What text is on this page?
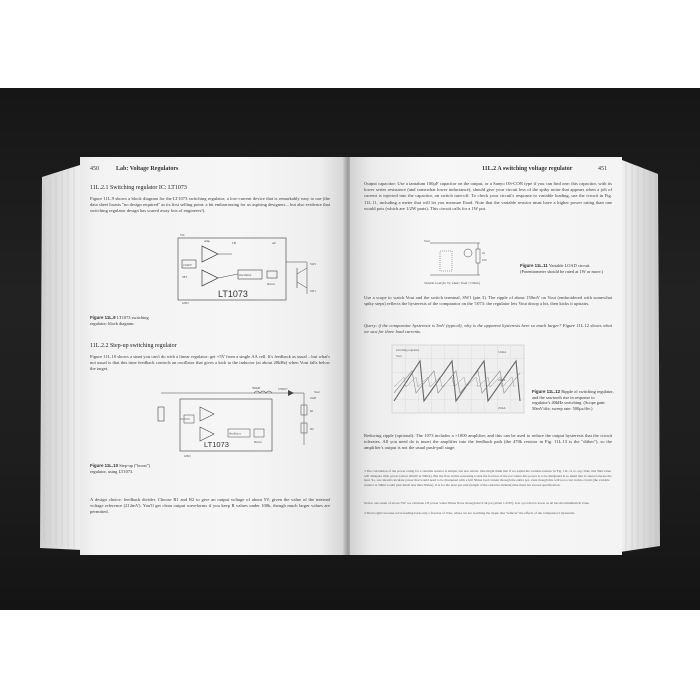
450	Lab: Voltage Regulators
11L.2.1 Switching regulator IC: LT1073
Figure 11L.9 shows a block diagram for the LT1073 switching regulator, a low-current device that is remarkably easy to use (the data sheet boasts "no design required" as its first selling point: a bit embarrassing for us aspiring designers – but also evidence that switching regulator design has scared away lots of engineers!).
LT1073
212mV
Oscillator
Driver
GND
SW2
SW1
Vin
LB
Amp
SET
A0
Figure 11L.9 LT1073 switching regulator: block diagram.
11L.2.2 Step-up switching regulator
Figure 11L.10 shows a stunt you can't do with a linear regulator: get +5V from a single AA cell. It's feedback as usual – but what's not usual is that this time feedback controls an oscillator that gives a kick to the inductor (at about 20kHz) when Vout falls below the target.
LT1073
1N5817
390uH
22uF
R1
R2
Vout
Oscillator
Driver
GND
Figure 11L.10 Step-up ("boost") regulator, using LT1073.
A design choice: feedback divider. Choose R1 and R2 to give an output voltage of about 5V, given the value of the internal voltage reference (212mV). You'll get clean output waveforms if you keep R values under 100k, though much larger values are permitted.
11L.2 A switching voltage regulator	451
Output capacitor: Use a tantalum 100μF capacitor on the output, or a Sanyo OS-CON type if you can find one; this capacitor, with its lower series resistance (and somewhat lower inductance), should give your circuit less of the spiky noise that appears when a jolt of current is injected into the capacitor, on switch turn-off. To check your circuit's response to variable loading, use the circuit in Fig. 11L.11, including a meter that will let you measure Iload. Note that the variable resistor must have a higher power rating than one would pots (which are 1/2W parts). This circuit calls for a 1W pot.
Vout
1k
100
Variable Load (for 5V, when?, Iload <=50mA)
Figure 11L.11 Variable LOAD circuit. (Potentiometer should be rated at 1W or more.)
Use a scope to watch Vout and the switch terminal, SW1 (pin 3). The ripple of about 150mV on Vout (embroidered with somewhat spiky steps) reflects the hysteresis of the comparator on the '1073: the regulator lets Vout droop a bit, then kicks it upstairs.
Query: if the comparator hysteresis is 5mV (typical), why is the apparent hysteresis here so much larger? Figure 11L.12 shows what we saw for three load currents.
switching regulator
Vout
5.0mA
10mA
25mA
Figure 11L.12 Ripple of switching regulator, and the sawtooth rise in response to regulator's 40kHz switching. (Scope gain: 50mV/div, sweep rate: 500μs/div.)
Reducing ripple (optional): The 1073 includes a ×1000 amplifier, and this can be used to reduce the output hysteresis that the circuit tolerates. All you need do is insert the amplifier into the feedback path (the 470k resistor in Fig. 11L.13 is the "dither"), so the amplifier's output is not the usual push-pull stage.
3 The calculation of the power rating for a variable resistor is simple, but also subtle. One might think that if we adjust the variable resistor in Fig. 11L.11 to, say, 50Ω, this 50Ω value will dissipate little power (about 20mW at 50mA). But the flaw in this reasoning is that the fraction of the pot where this power is to be dissipated is so small that it cannot tolerate the heat. So, one should calculate power that would need to be dissipated with a full 50mA load current through the entire pot, even though this will not occur in this circuit (the variable resistor at 500Ω would pass much less than 50mA). It is for the least pot-unit (length of the resistive element) that must not exceed specification.
Notice one result of above 5W: we calculate 1/8 power when 50mA flows through the 0.5k pot (about 1.25W). Use a pot that is lower as all has the minimum R value.
4 That's right: because we're feeding back only a fraction of Vout, where we are watching the ripple that "reflects" the effects of the comparator's hysteresis.
